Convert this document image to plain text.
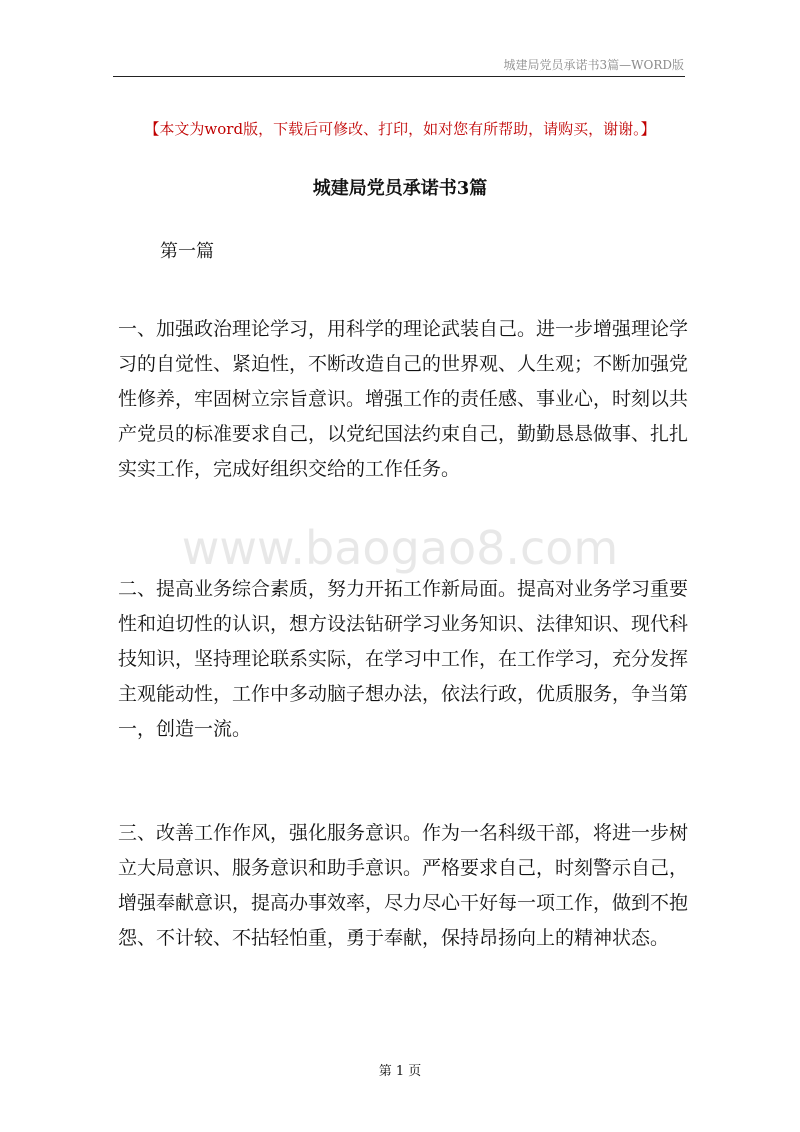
城建局党员承诺书3篇—WORD版
【本文为word版，下载后可修改、打印，如对您有所帮助，请购买，谢谢。】
城建局党员承诺书3篇
第一篇

一、加强政治理论学习，用科学的理论武装自己。进一步增强理论学习的自觉性、紧迫性，不断改造自己的世界观、人生观；不断加强党性修养，牢固树立宗旨意识。增强工作的责任感、事业心，时刻以共产党员的标准要求自己，以党纪国法约束自己，勤勤恳恳做事、扎扎实实工作，完成好组织交给的工作任务。

二、提高业务综合素质，努力开拓工作新局面。提高对业务学习重要性和迫切性的认识，想方设法钻研学习业务知识、法律知识、现代科技知识，坚持理论联系实际，在学习中工作，在工作学习，充分发挥主观能动性，工作中多动脑子想办法，依法行政，优质服务，争当第一，创造一流。

三、改善工作作风，强化服务意识。作为一名科级干部，将进一步树立大局意识、服务意识和助手意识。严格要求自己，时刻警示自己，增强奉献意识，提高办事效率，尽力尽心干好每一项工作，做到不抱怨、不计较、不拈轻怕重，勇于奉献，保持昂扬向上的精神状态。

www.baogao8.com
第 1 页
